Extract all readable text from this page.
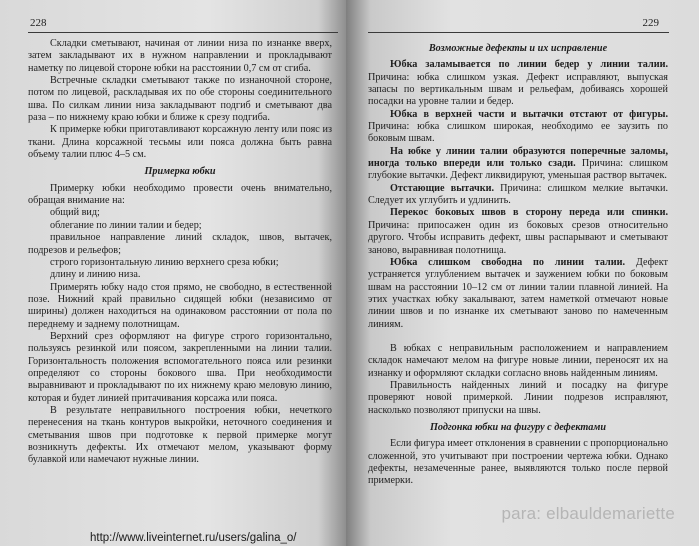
228

Складки сметывают, начиная от линии низа по изнанке вверх, затем закладывают их в нужном направлении и прокладывают наметку по лицевой стороне юбки на расстоянии 0,7 см от сгиба.

Встречные складки сметывают также по изнаночной стороне, потом по лицевой, раскладывая их по обе стороны соединительного шва. По силкам линии низа закладывают подгиб и сметывают два раза – по нижнему краю юбки и ближе к срезу подгиба.

К примерке юбки приготавливают корсажную ленту или пояс из ткани. Длина корсажной тесьмы или пояса должна быть равна объему талии плюс 4–5 см.

Примерка юбки

Примерку юбки необходимо провести очень внимательно, обращая внимание на:

общий вид;

облегание по линии талии и бедер;

правильное направление линий складок, швов, вытачек, подрезов и рельефов;

строго горизонтальную линию верхнего среза юбки;

длину и линию низа.

Примерять юбку надо стоя прямо, не свободно, в естественной позе. Нижний край правильно сидящей юбки (независимо от ширины) должен находиться на одинаковом расстоянии от пола по переднему и заднему полотнищам.

Верхний срез оформляют на фигуре строго горизонтально, пользуясь резинкой или поясом, закрепленными на линии талии. Горизонтальность положения вспомогательного пояса или резинки определяют со стороны бокового шва. При необходимости выравнивают и прокладывают по их нижнему краю меловую линию, которая и будет линией притачивания корсажа или пояса.

В результате неправильного построения юбки, нечеткого перенесения на ткань контуров выкройки, неточного соединения и сметывания швов при подготовке к первой примерке могут возникнуть дефекты. Их отмечают мелом, указывают форму булавкой или намечают нужные линии.

229

Возможные дефекты и их исправление

Юбка заламывается по линии бедер у линии талии. Причина: юбка слишком узкая. Дефект исправляют, выпуская запасы по вертикальным швам и рельефам, добиваясь хорошей посадки на уровне талии и бедер.

Юбка в верхней части и вытачки отстают от фигуры. Причина: юбка слишком широкая, необходимо ее заузить по боковым швам.

На юбке у линии талии образуются поперечные заломы, иногда только впереди или только сзади. Причина: слишком глубокие вытачки. Дефект ликвидируют, уменьшая раствор вытачек.

Отстающие вытачки. Причина: слишком мелкие вытачки. Следует их углубить и удлинить.

Перекос боковых швов в сторону переда или спинки. Причина: припосажен один из боковых срезов относительно другого. Чтобы исправить дефект, швы распарывают и сметывают заново, выравнивая полотнища.

Юбка слишком свободна по линии талии. Дефект устраняется углублением вытачек и заужением юбки по боковым швам на расстоянии 10–12 см от линии талии плавной линией. На этих участках юбку закалывают, затем наметкой отмечают новые линии швов и по изнанке их сметывают заново по намеченным линиям.

В юбках с неправильным расположением и направлением складок намечают мелом на фигуре новые линии, переносят их на изнанку и оформляют складки согласно вновь найденным линиям.

Правильность найденных линий и посадку на фигуре проверяют новой примеркой. Линии подрезов исправляют, насколько позволяют припуски на швы.

Подгонка юбки на фигуру с дефектами

Если фигура имеет отклонения в сравнении с пропорционально сложенной, это учитывают при построении чертежа юбки. Однако дефекты, незамеченные ранее, выявляются только после первой примерки.

para: elbauldemariette
http://www.liveinternet.ru/users/galina_o/
